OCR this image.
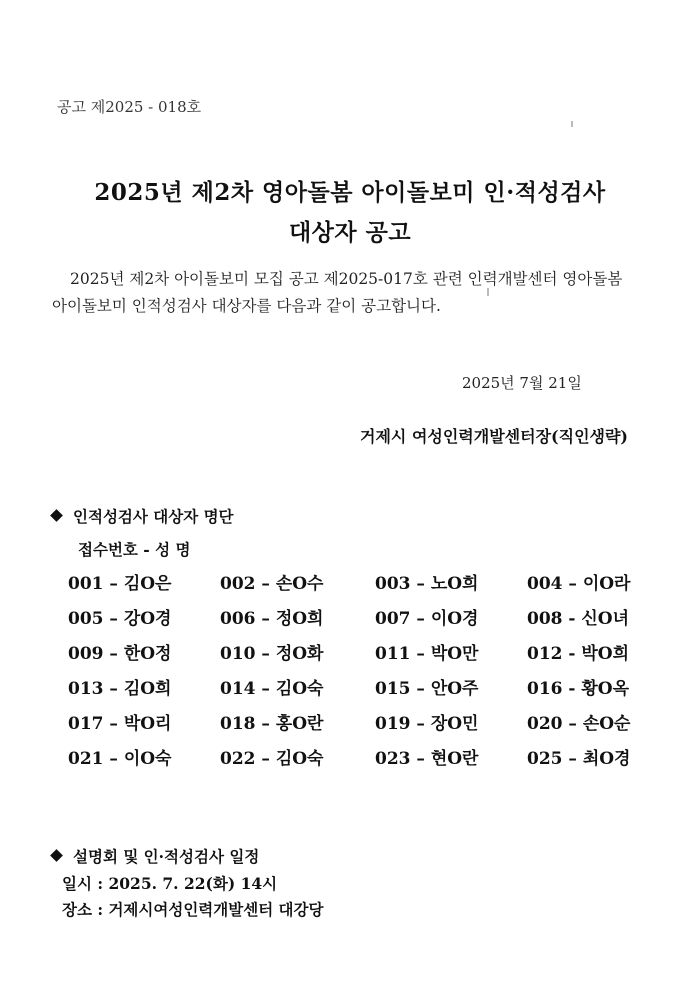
공고 제2025 - 018호
2025년 제2차 영아돌봄 아이돌보미 인·적성검사
대상자 공고
2025년 제2차 아이돌보미 모집 공고 제2025-017호 관련 인력개발센터 영아돌봄
아이돌보미 인적성검사 대상자를 다음과 같이 공고합니다.
2025년 7월 21일
거제시 여성인력개발센터장(직인생략)
인적성검사 대상자 명단
접수번호 - 성 명
001 – 김O은	002 – 손O수	003 – 노O희	004 – 이O라
005 – 강O경	006 – 정O희	007 – 이O경	008 - 신O녀
009 – 한O정	010 – 정O화	011 – 박O만	012 - 박O희
013 – 김O희	014 – 김O숙	015 – 안O주	016 - 황O옥
017 – 박O리	018 – 홍O란	019 – 장O민	020 – 손O순
021 – 이O숙	022 – 김O숙	023 – 현O란	025 – 최O경
설명회 및 인·적성검사 일정
일시 : 2025. 7. 22(화) 14시
장소 : 거제시여성인력개발센터 대강당
